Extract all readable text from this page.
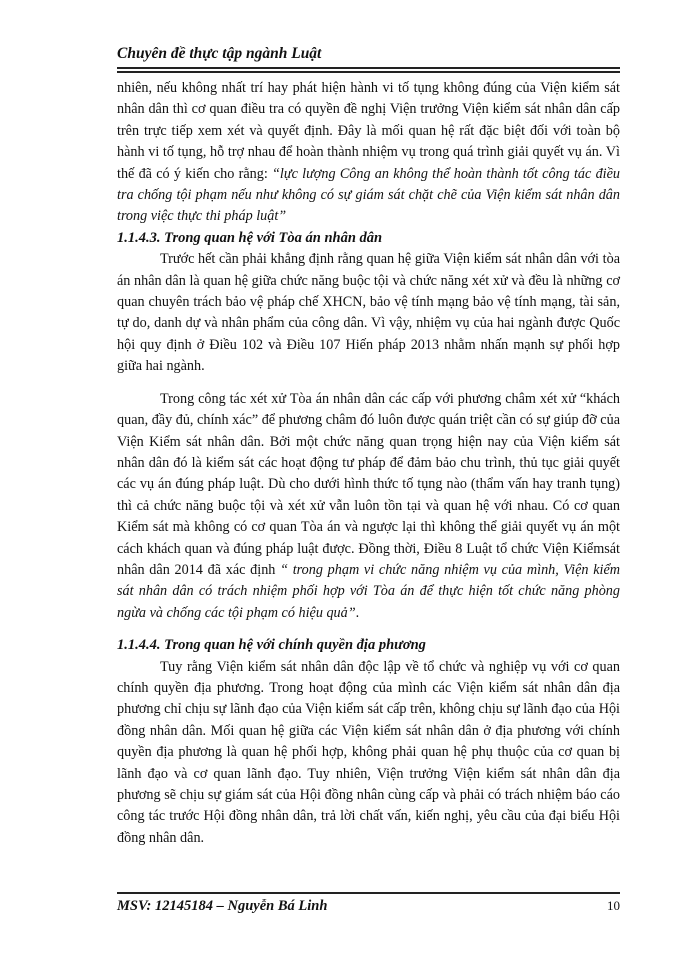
Chuyên đề thực tập ngành Luật

nhiên, nếu không nhất trí hay phát hiện hành vi tố tụng không đúng của Viện kiểm sát nhân dân thì cơ quan điều tra có quyền đề nghị Viện trưởng Viện kiểm sát nhân dân cấp trên trực tiếp xem xét và quyết định. Đây là mối quan hệ rất đặc biệt đối với toàn bộ hành vi tố tụng, hỗ trợ nhau để hoàn thành nhiệm vụ trong quá trình giải quyết vụ án. Vì thế đã có ý kiến cho rằng: “lực lượng Công an không thể hoàn thành tốt công tác điều tra chống tội phạm nếu như không có sự giám sát chặt chẽ của Viện kiểm sát nhân dân trong việc thực thi pháp luật”

1.1.4.3. Trong quan hệ với Tòa án nhân dân

Trước hết cần phải khẳng định rằng quan hệ giữa Viện kiểm sát nhân dân với tòa án nhân dân là quan hệ giữa chức năng buộc tội và chức năng xét xử và đều là những cơ quan chuyên trách bảo vệ pháp chế XHCN, bảo vệ tính mạng bảo vệ tính mạng, tài sản, tự do, danh dự và nhân phẩm của công dân. Vì vậy, nhiệm vụ của hai ngành được Quốc hội quy định ở Điều 102 và Điều 107 Hiến pháp 2013 nhằm nhấn mạnh sự phối hợp giữa hai ngành.

Trong công tác xét xử Tòa án nhân dân các cấp với phương châm xét xử “khách quan, đầy đủ, chính xác” để phương châm đó luôn được quán triệt cần có sự giúp đỡ của Viện Kiểm sát nhân dân. Bởi một chức năng quan trọng hiện nay của Viện kiểm sát nhân dân đó là kiểm sát các hoạt động tư pháp để đảm bảo chu trình, thủ tục giải quyết các vụ án đúng pháp luật. Dù cho dưới hình thức tố tụng nào (thẩm vấn hay tranh tụng) thì cả chức năng buộc tội và xét xử vẫn luôn tồn tại và quan hệ với nhau. Có cơ quan Kiểm sát mà không có cơ quan Tòa án và ngược lại thì không thể giải quyết vụ án một cách khách quan và đúng pháp luật được. Đồng thời, Điều 8 Luật tổ chức Viện Kiểmsát nhân dân 2014 đã xác định “ trong phạm vi chức năng nhiệm vụ của mình, Viện kiểm sát nhân dân có trách nhiệm phối hợp với Tòa án để thực hiện tốt chức năng phòng ngừa và chống các tội phạm có hiệu quả”.

1.1.4.4. Trong quan hệ với chính quyền địa phương

Tuy rằng Viện kiểm sát nhân dân độc lập về tổ chức và nghiệp vụ với cơ quan chính quyền địa phương. Trong hoạt động của mình các Viện kiểm sát nhân dân địa phương chỉ chịu sự lãnh đạo của Viện kiểm sát cấp trên, không chịu sự lãnh đạo của Hội đồng nhân dân. Mối quan hệ giữa các Viện kiểm sát nhân dân ở địa phương với chính quyền địa phương là quan hệ phối hợp, không phải quan hệ phụ thuộc của cơ quan bị lãnh đạo và cơ quan lãnh đạo. Tuy nhiên, Viện trưởng Viện kiểm sát nhân dân địa phương sẽ chịu sự giám sát của Hội đồng nhân cùng cấp và phải có trách nhiệm báo cáo công tác trước Hội đồng nhân dân, trả lời chất vấn, kiến nghị, yêu cầu của đại biểu Hội đồng nhân dân.

MSV: 12145184 – Nguyễn Bá Linh	10
